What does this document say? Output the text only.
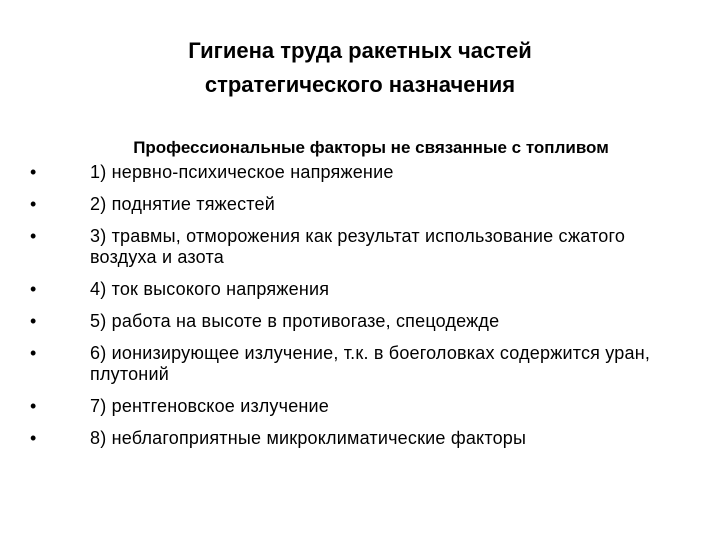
Гигиена труда ракетных частей
стратегического назначения
Профессиональные факторы не связанные с топливом
•	1) нервно-психическое напряжение
•	2) поднятие тяжестей
•	3) травмы, отморожения как результат использование сжатого воздуха и азота
•	4) ток высокого напряжения
•	5) работа на высоте в противогазе, спецодежде
•	6) ионизирующее излучение, т.к. в боеголовках содержится уран, плутоний
•	7) рентгеновское излучение
•	8) неблагоприятные микроклиматические факторы
